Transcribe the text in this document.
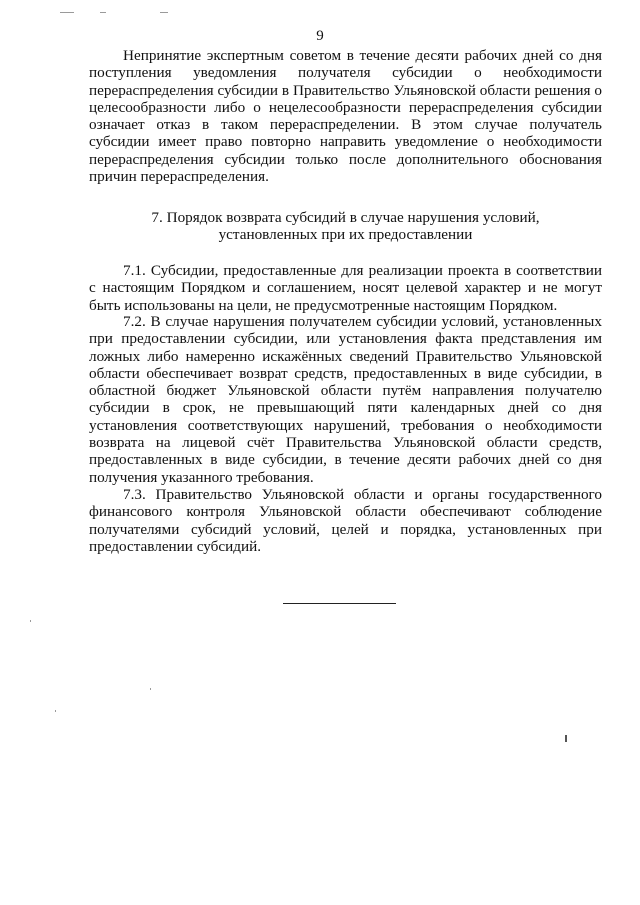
9
Непринятие экспертным советом в течение десяти рабочих дней со дня поступления уведомления получателя субсидии о необходимости перераспределения субсидии в Правительство Ульяновской области решения о целесообразности либо о нецелесообразности перераспределения субсидии означает отказ в таком перераспределении. В этом случае получатель субсидии имеет право повторно направить уведомление о необходимости перераспределения субсидии только после дополнительного обоснования причин перераспределения.
7. Порядок возврата субсидий в случае нарушения условий,
установленных при их предоставлении
7.1. Субсидии, предоставленные для реализации проекта в соответствии с настоящим Порядком и соглашением, носят целевой характер и не могут быть использованы на цели, не предусмотренные настоящим Порядком.
7.2. В случае нарушения получателем субсидии условий, установленных при предоставлении субсидии, или установления факта представления им ложных либо намеренно искажённых сведений Правительство Ульяновской области обеспечивает возврат средств, предоставленных в виде субсидии, в областной бюджет Ульяновской области путём направления получателю субсидии в срок, не превышающий пяти календарных дней со дня установления соответствующих нарушений, требования о необходимости возврата на лицевой счёт Правительства Ульяновской области средств, предоставленных в виде субсидии, в течение десяти рабочих дней со дня получения указанного требования.
7.3. Правительство Ульяновской области и органы государственного финансового контроля Ульяновской области обеспечивают соблюдение получателями субсидий условий, целей и порядка, установленных при предоставлении субсидий.
